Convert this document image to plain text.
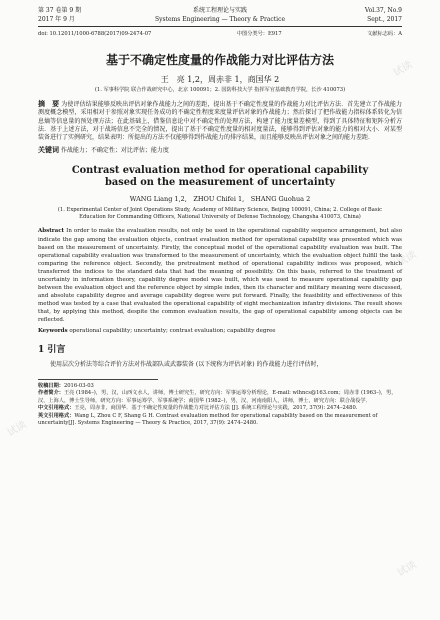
第 37 卷第 9 期
2017 年 9 月
系统工程理论与实践
Systems Engineering — Theory & Practice
Vol.37, No.9
Sept., 2017
doi: 10.12011/1000-6788(2017)09-2474-07	中图分类号：E917	文献标志码：A
基于不确定性度量的作战能力对比评估方法
王　亮 1,2，周赤非 1，商国华 2
(1. 军事科学院 联合作战研究中心，北京 100091；2. 国防科技大学 指挥军官基础教育学院，长沙 410073)
摘　要 为使评估结果能够反映出评估对象作战能力之间的差距，提出基于不确定性度量的作战能力对比评估方法．首先建立了作战能力测度概念模型，采用相对于参照对象实现任务成功的不确定性程度来度量评估对象的作战能力；然后探讨了把作战能力指标体系转化为信息熵等信息量的预处理方法；在此基础上，借鉴信息论中对不确定性的处理方法，构建了能力度量差模型，得到了具体特征和矩阵分析方法．基于上述方法，对于战场信息不完全的情况，提出了基于不确定性度量的相对度量法，能够得到评估对象的能力的相对大小．对某型装备进行了实例研究，结果表明：所提出的方法不仅能够得到作战能力的排序结果，而且能够反映出评估对象之间的能力差距．
关键词 作战能力；不确定性；对比评估；能力度
Contrast evaluation method for operational capability based on the measurement of uncertainty
WANG Liang 1,2,　ZHOU Chifei 1,　SHANG Guohua 2
(1. Experimental Center of Joint Operations Study, Academy of Military Science, Beijing 100091, China; 2. College of Basic Education for Commanding Officers, National University of Defense Technology, Changsha 410073, China)
Abstract In order to make the evaluation results, not only be used in the operational capability sequence arrangement, but also indicate the gap among the evaluation objects, contrast evaluation method for operational capability was presented which was based on the measurement of uncertainty. Firstly, the conceptual model of the operational capability evaluation was built. The operational capability evaluation was transformed to the measurement of uncertainty, which the evaluation object fulfill the task comparing the reference object. Secondly, the pretreatment method of operational capability indices was proposed, which transferred the indices to the standard data that had the meaning of possibility. On this basis, referred to the treatment of uncertainty in information theory, capability degree model was built, which was used to measure operational capability gap between the evaluation object and the reference object by simple index, then its character and military meaning were discussed, and absolute capability degree and average capability degree were put forward. Finally, the feasibility and effectiveness of this method was tested by a case that evaluated the operational capability of eight mechanization infantry divisions. The result shows that, by applying this method, despite the common evaluation results, the gap of operational capability among objects can be reflected.
Keywords operational capability; uncertainty; contrast evaluation; capability degree
1 引言
使用层次分析法等综合评价方法对作战部队或武器装备 (以下统称为评估对象) 的作战能力进行评估时，
收稿日期：2016-03-03
作者简介：王亮 (1984–)，男，汉，山西文水人，讲师，博士研究生，研究方向：军事运筹分析理论，E-mail: wlhncs@163.com；周赤非 (1963–)，男，汉，上海人，博士生导师，研究方向：军事运筹学、军事系统学；商国华 (1982–)，男，汉，河南南阳人，讲师，博士，研究方向：联合战役学．
中文引用格式：王亮，周赤非，商国华．基于不确定性度量的作战能力对比评估方法 [J]. 系统工程理论与实践，2017, 37(9): 2474–2480.
英文引用格式：Wang L, Zhou C F, Shang G H. Contrast evaluation method for operational capability based on the measurement of uncertainty[J]. Systems Engineering — Theory & Practice, 2017, 37(9): 2474–2480.
试读
试读
试读
试读
